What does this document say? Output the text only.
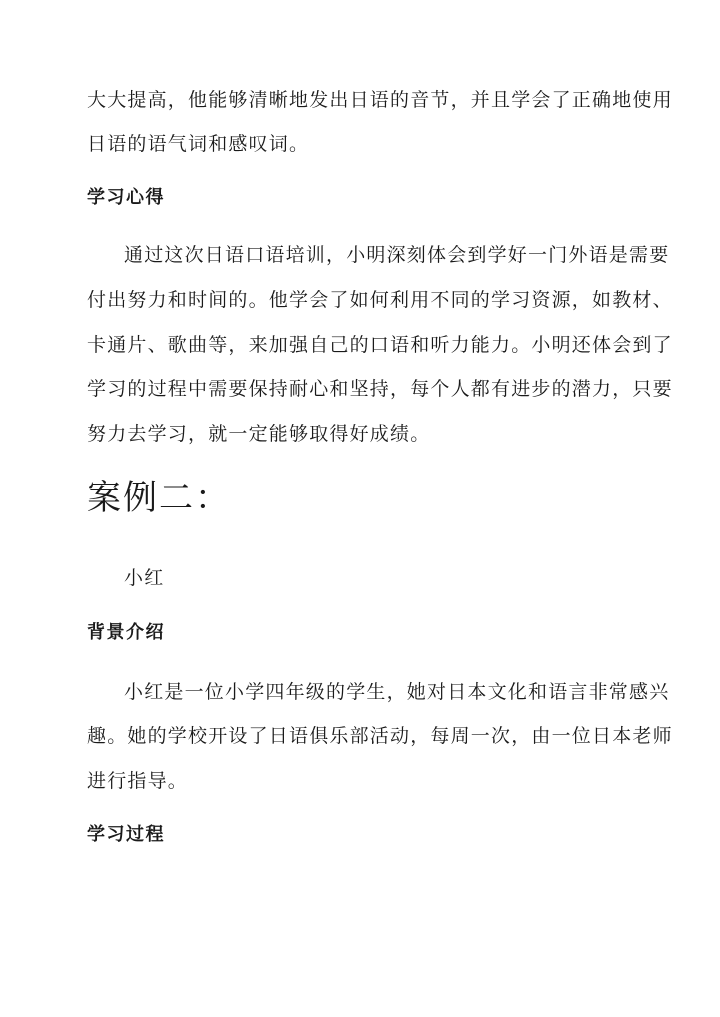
大大提高，他能够清晰地发出日语的音节，并且学会了正确地使用
日语的语气词和感叹词。
学习心得
通过这次日语口语培训，小明深刻体会到学好一门外语是需要
付出努力和时间的。他学会了如何利用不同的学习资源，如教材、
卡通片、歌曲等，来加强自己的口语和听力能力。小明还体会到了
学习的过程中需要保持耐心和坚持，每个人都有进步的潜力，只要
努力去学习，就一定能够取得好成绩。
案例二：
小红
背景介绍
小红是一位小学四年级的学生，她对日本文化和语言非常感兴
趣。她的学校开设了日语俱乐部活动，每周一次，由一位日本老师
进行指导。
学习过程
